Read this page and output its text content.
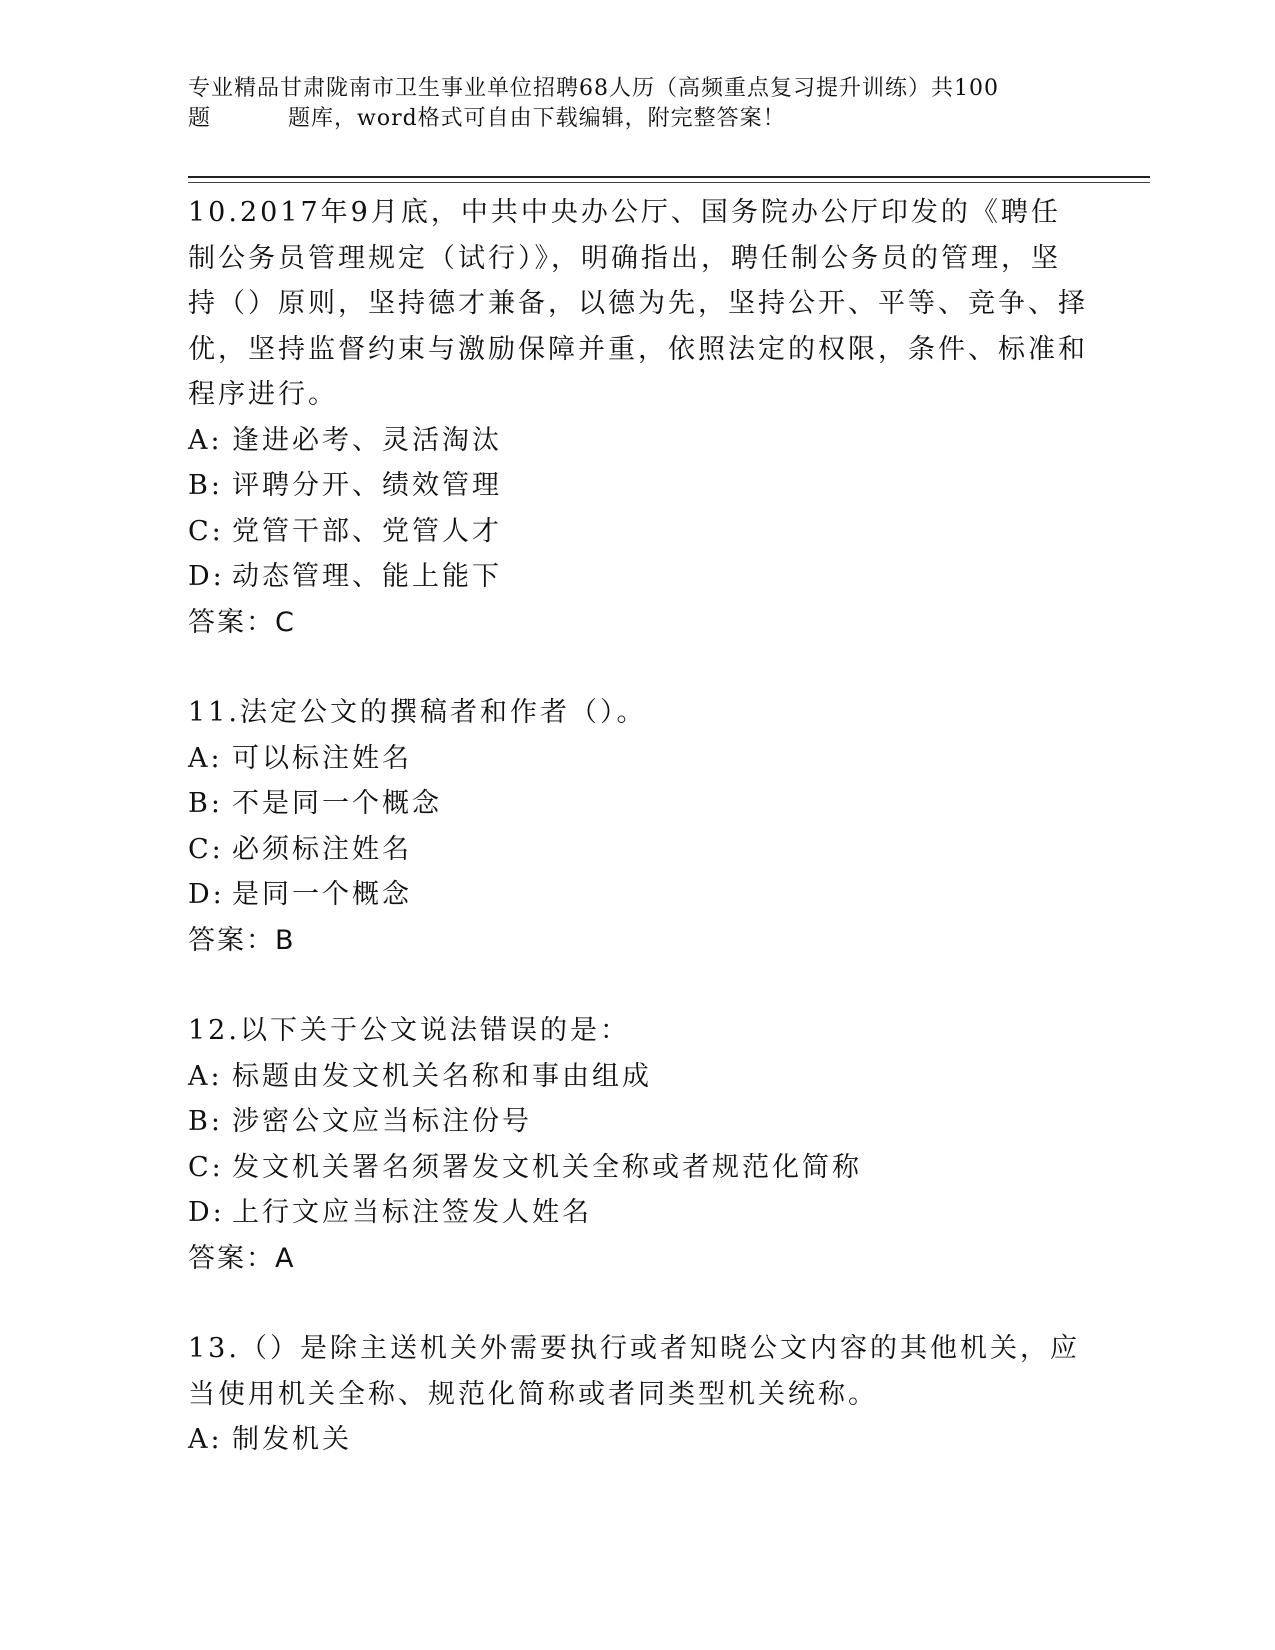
专业精品甘肃陇南市卫生事业单位招聘68人历（高频重点复习提升训练）共100
题	题库，word格式可自由下载编辑，附完整答案！

10.2017年9月底，中共中央办公厅、国务院办公厅印发的《聘任制公务员管理规定（试行）》，明确指出，聘任制公务员的管理，坚持（）原则，坚持德才兼备，以德为先，坚持公开、平等、竞争、择优，坚持监督约束与激励保障并重，依照法定的权限，条件、标准和程序进行。

A: 逢进必考、灵活淘汰

B: 评聘分开、绩效管理

C: 党管干部、党管人才

D: 动态管理、能上能下

答案：C

11.法定公文的撰稿者和作者（）。

A: 可以标注姓名

B: 不是同一个概念

C: 必须标注姓名

D: 是同一个概念

答案：B

12.以下关于公文说法错误的是：

A: 标题由发文机关名称和事由组成

B: 涉密公文应当标注份号

C: 发文机关署名须署发文机关全称或者规范化简称

D: 上行文应当标注签发人姓名

答案：A

13.（）是除主送机关外需要执行或者知晓公文内容的其他机关，应当使用机关全称、规范化简称或者同类型机关统称。

A: 制发机关
